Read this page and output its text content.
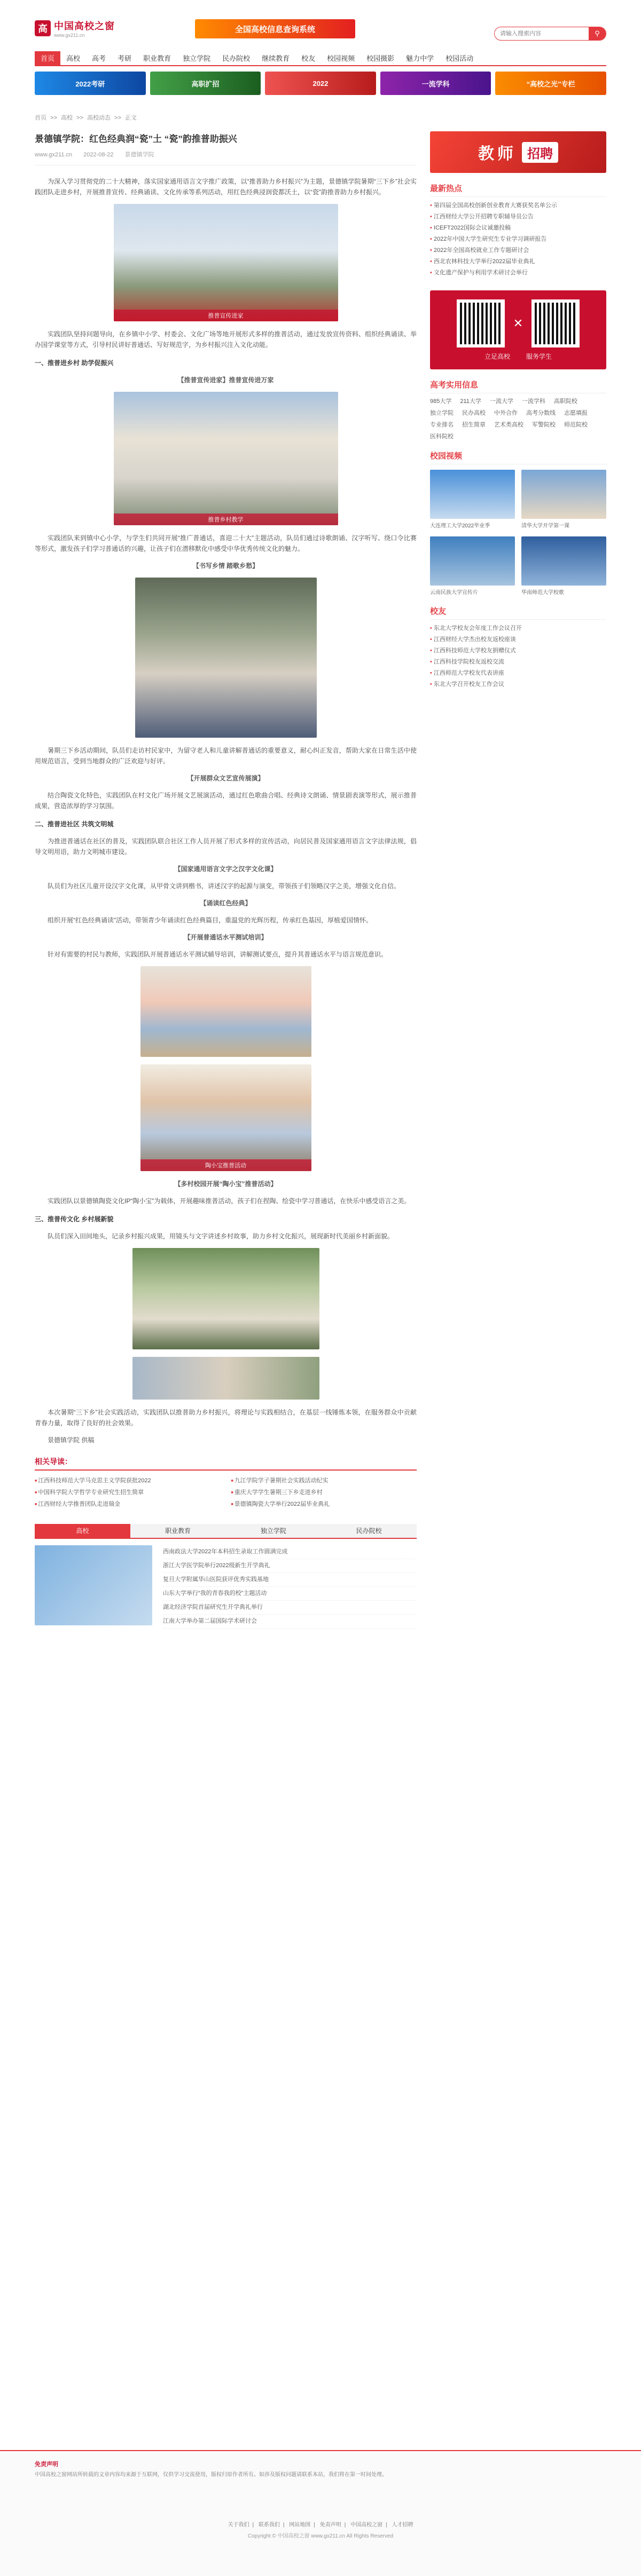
高 中国高校之窗
www.gx211.cn
全国高校信息查询系统
请输入搜索内容	⚲
首页	高校	高考	考研	职业教育	独立学院	民办院校	继续教育	校友	校园视频	校园摄影	魅力中学	校园活动
2022考研	高职扩招	2022	一流学科	“高校之光”专栏
首页 >> 高校 >> 高校动态 >> 正文
景德镇学院：红色经典润“瓷”土 “瓷”韵推普助振兴
www.gx211.cn 2022-08-22 景德镇学院

为深入学习贯彻党的二十大精神，落实国家通用语言文字推广政策，以“推普助力乡村振兴”为主题，景德镇学院暑期“三下乡”社会实践团队走进乡村，开展推普宣传、经典诵读、文化传承等系列活动，用红色经典浸润瓷都沃土，以“瓷”韵推普助力乡村振兴。

推普宣传进家

实践团队坚持问题导向，在乡镇中小学、村委会、文化广场等地开展形式多样的推普活动，通过发放宣传资料、组织经典诵读、举办国学课堂等方式，引导村民讲好普通话、写好规范字，为乡村振兴注入文化动能。

一、推普进乡村 助学促振兴

【推普宣传进家】推普宣传进万家

推普乡村教学

实践团队来到镇中心小学，与学生们共同开展“推广普通话，喜迎二十大”主题活动，队员们通过诗歌朗诵、汉字听写、绕口令比赛等形式，激发孩子们学习普通话的兴趣，让孩子们在潜移默化中感受中华优秀传统文化的魅力。

【书写乡情 踏歌乡愁】

暑期三下乡活动期间，队员们走访村民家中，为留守老人和儿童讲解普通话的重要意义，耐心纠正发音，帮助大家在日常生活中使用规范语言，受到当地群众的广泛欢迎与好评。

【开展群众文艺宣传展演】

结合陶瓷文化特色，实践团队在村文化广场开展文艺展演活动，通过红色歌曲合唱、经典诗文朗诵、情景剧表演等形式，展示推普成果，营造浓厚的学习氛围。

二、推普进社区 共筑文明城

为推进普通话在社区的普及，实践团队联合社区工作人员开展了形式多样的宣传活动，向居民普及国家通用语言文字法律法规，倡导文明用语，助力文明城市建设。

【国家通用语言文字之汉字文化课】

队员们为社区儿童开设汉字文化课，从甲骨文讲到楷书，讲述汉字的起源与演变，带领孩子们领略汉字之美，增强文化自信。

【诵读红色经典】

组织开展“红色经典诵读”活动，带领青少年诵读红色经典篇目，重温党的光辉历程，传承红色基因，厚植爱国情怀。

【开展普通话水平测试培训】

针对有需要的村民与教师，实践团队开展普通话水平测试辅导培训，讲解测试要点，提升其普通话水平与语言规范意识。

陶小宝推普活动

【多村校园开展“陶小宝”推普活动】

实践团队以景德镇陶瓷文化IP“陶小宝”为载体，开展趣味推普活动，孩子们在捏陶、绘瓷中学习普通话，在快乐中感受语言之美。

三、推普传文化 乡村展新貌

队员们深入田间地头，记录乡村振兴成果，用镜头与文字讲述乡村故事，助力乡村文化振兴，展现新时代美丽乡村新面貌。

本次暑期“三下乡”社会实践活动，实践团队以推普助力乡村振兴，将理论与实践相结合，在基层一线锤炼本领，在服务群众中贡献青春力量，取得了良好的社会效果。

景德镇学院 供稿

相关导读：
■ 江西科技师范大学马克思主义学院获批2022	■ 九江学院学子暑期社会实践活动纪实
■ 中国科学院大学哲学专业研究生招生简章	■ 重庆大学学生暑期三下乡走进乡村
■ 江西财经大学推普团队走进瑞金	■ 景德镇陶瓷大学举行2022届毕业典礼
高校	职业教育	独立学院	民办院校
西南政法大学2022年本科招生录取工作圆满完成
浙江大学医学院举行2022级新生开学典礼
复旦大学附属华山医院获评优秀实践基地
山东大学举行“我的青春我的校”主题活动
湖北经济学院首届研究生开学典礼举行
江南大学举办第二届国际学术研讨会
教师 招聘
最新热点
• 第四届全国高校创新创业教育大赛获奖名单公示
• 江西财经大学公开招聘专职辅导员公告
• ICEFT2022国际会议诚邀投稿
• 2022年中国大学生研究生专业学习调研报告
• 2022年全国高校就业工作专题研讨会
• 西北农林科技大学举行2022届毕业典礼
• 文化遗产保护与利用学术研讨会举行
✕
立足高校	服务学生
高考实用信息
985大学 211大学 一流大学 一流学科 高职院校
独立学院 民办高校 中外合作 高考分数线 志愿填报
专业排名 招生简章 艺术类高校 军警院校 师范院校
医科院校
校园视频
大连理工大学2022毕业季	清华大学开学第一课
云南民族大学宣传片	华南师范大学校歌
校友
• 东北大学校友会年度工作会议召开
• 江西财经大学杰出校友返校座谈
• 江西科技师范大学校友捐赠仪式
• 江西科技学院校友返校交流
• 江西师范大学校友代表讲座
• 东北大学召开校友工作会议
免责声明
中国高校之窗网站所转载的文章内容均来源于互联网，仅供学习交流使用，版权归原作者所有。如涉及版权问题请联系本站，我们将在第一时间处理。
关于我们 | 联系我们 | 网站地图 | 免责声明 | 中国高校之窗 | 人才招聘
Copyright © 中国高校之窗 www.gx211.cn All Rights Reserved
